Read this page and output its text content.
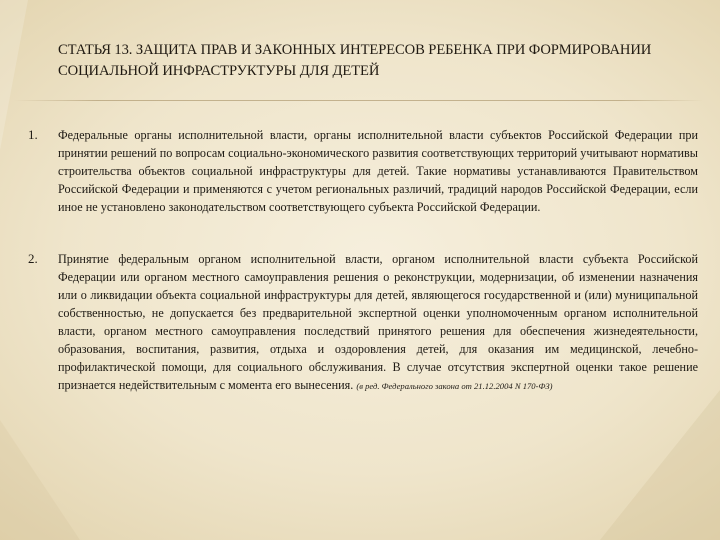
СТАТЬЯ 13. ЗАЩИТА ПРАВ И ЗАКОННЫХ ИНТЕРЕСОВ РЕБЕНКА ПРИ ФОРМИРОВАНИИ
СОЦИАЛЬНОЙ ИНФРАСТРУКТУРЫ ДЛЯ ДЕТЕЙ
1. Федеральные органы исполнительной власти, органы исполнительной власти субъектов Российской Федерации при принятии решений по вопросам социально-экономического развития соответствующих территорий учитывают нормативы строительства объектов социальной инфраструктуры для детей. Такие нормативы устанавливаются Правительством Российской Федерации и применяются с учетом региональных различий, традиций народов Российской Федерации, если иное не установлено законодательством соответствующего субъекта Российской Федерации.
2. Принятие федеральным органом исполнительной власти, органом исполнительной власти субъекта Российской Федерации или органом местного самоуправления решения о реконструкции, модернизации, об изменении назначения или о ликвидации объекта социальной инфраструктуры для детей, являющегося государственной и (или) муниципальной собственностью, не допускается без предварительной экспертной оценки уполномоченным органом исполнительной власти, органом местного самоуправления последствий принятого решения для обеспечения жизнедеятельности, образования, воспитания, развития, отдыха и оздоровления детей, для оказания им медицинской, лечебно-профилактической помощи, для социального обслуживания. В случае отсутствия экспертной оценки такое решение признается недействительным с момента его вынесения. (в ред. Федерального закона от 21.12.2004 N 170-ФЗ)
